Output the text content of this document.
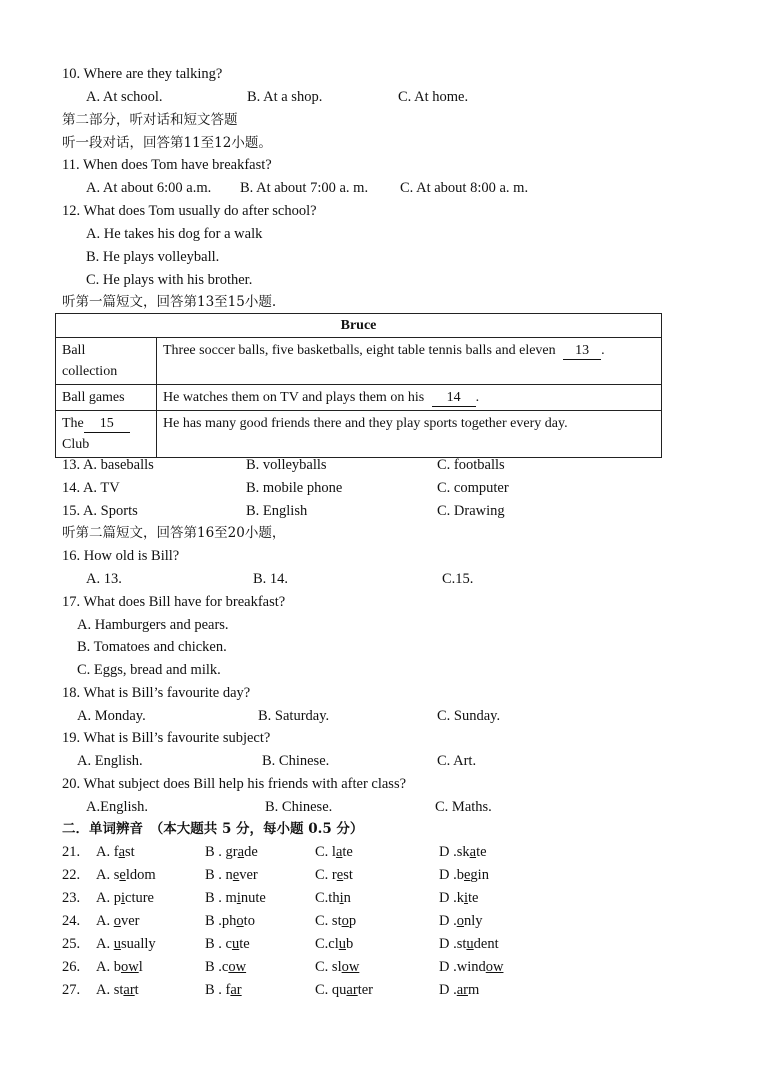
10. Where are they talking?
A. At school.	B. At a shop.	C. At home.
第二部分，听对话和短文答题
听一段对话，回答第11至12小题。
11. When does Tom have breakfast?
A. At about 6:00 a.m. B. At about 7:00 a. m. C. At about 8:00 a. m.
12. What does Tom usually do after school?
A. He takes his dog for a walk
B. He plays volleyball.
C. He plays with his brother.
听第一篇短文，回答第13至15小题.
Bruce	
Ball
collection	Three soccer balls, five basketballs, eight table tennis balls and eleven 13 .
Ball games	He watches them on TV and plays them on his 14 .
The 15
Club	He has many good friends there and they play sports together every day.
13. A. baseballs	B. volleyballs	C. footballs
14. A. TV	B. mobile phone	C. computer
15. A. Sports	B. English	C. Drawing
听第二篇短文，回答第16至20小题，
16. How old is Bill?
A. 13.	B. 14.	C.15.
17. What does Bill have for breakfast?
A. Hamburgers and pears.
B. Tomatoes and chicken.
C. Eggs, bread and milk.
18. What is Bill’s favourite day?
A. Monday.	B. Saturday.	C. Sunday.
19. What is Bill’s favourite subject?
A. English.	B. Chinese.	C. Art.
20. What subject does Bill help his friends with after class?
A.English.	B. Chinese.	C. Maths.
二．单词辨音　（本大题共 5 分，每小题 0.5 分）
21. A. fast	B . grade	C. late	D .skate
22. A. seldom	B . never	C. rest	D .begin
23. A. picture	B . minute	C.thin	D .kite
24. A. over	B .photo	C. stop	D .only
25. A. usually	B . cute	C.club	D .student
26. A. bowl	B .cow	C. slow	D .window
27. A. start	B . far	C. quarter	D .arm
